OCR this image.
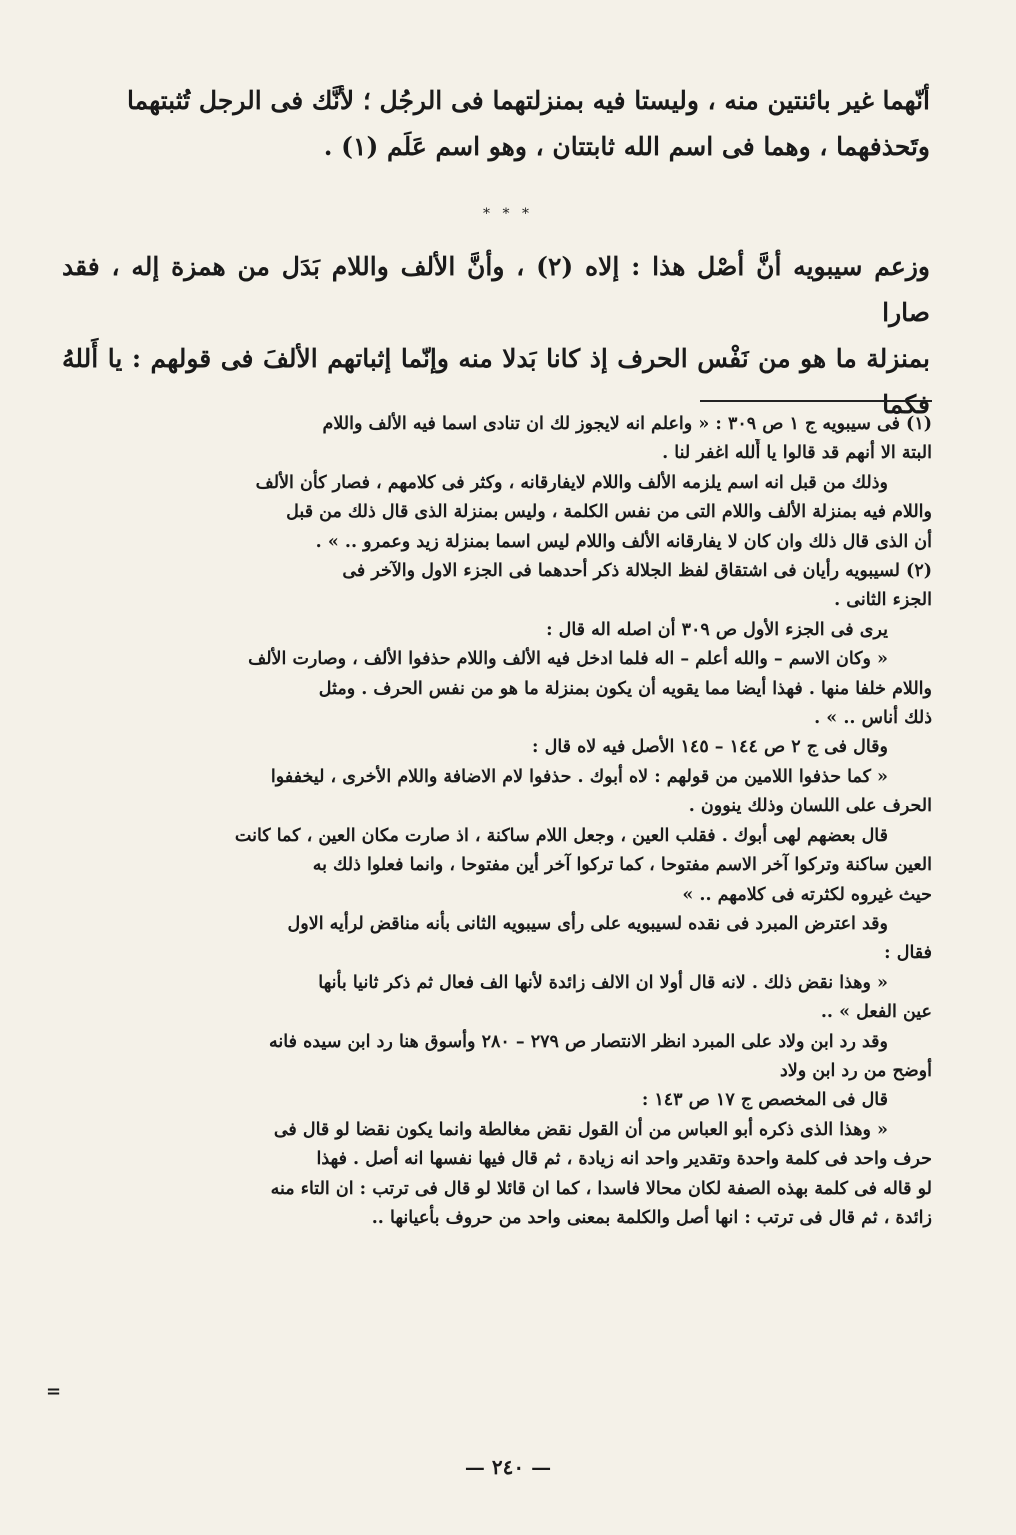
أنّهما غير بائنتين منه ، وليستا فيه بمنزلتهما فى الرجُل ؛ لأنَّك فى الرجل تُثبتهما
وتَحذفهما ، وهما فى اسم الله ثابتتان ، وهو اسم عَلَم (١) .
* * *
وزعم سيبويه أنَّ أصْل هذا : إلاه (٢) ، وأنَّ الألف واللام بَدَل من همزة إله ، فقد صارا
بمنزلة ما هو من نَفْس الحرف إذ كانا بَدلا منه وإنّما إثباتهم الألفَ فى قولهم : يا أَللهُ فكما
(١) فى سيبويه ج ١ ص ٣٠٩ : « واعلم انه لايجوز لك ان تنادى اسما فيه الألف واللام
البتة الا أنهم قد قالوا يا أَلله اغفر لنا .
وذلك من قبل انه اسم يلزمه الألف واللام لايفارقانه ، وكثر فى كلامهم ، فصار كأن الألف
واللام فيه بمنزلة الألف واللام التى من نفس الكلمة ، وليس بمنزلة الذى قال ذلك من قبل
أن الذى قال ذلك وان كان لا يفارقانه الألف واللام ليس اسما بمنزلة زيد وعمرو .. » .
(٢) لسيبويه رأيان فى اشتقاق لفظ الجلالة ذكر أحدهما فى الجزء الاول والآخر فى
الجزء الثانى .
يرى فى الجزء الأول ص ٣٠٩ أن اصله اله قال :
« وكان الاسم – والله أعلم – اله فلما ادخل فيه الألف واللام حذفوا الألف ، وصارت الألف
واللام خلفا منها . فهذا أيضا مما يقويه أن يكون بمنزلة ما هو من نفس الحرف . ومثل
ذلك أناس .. » .
وقال فى ج ٢ ص ١٤٤ – ١٤٥ الأصل فيه لاه قال :
« كما حذفوا اللامين من قولهم : لاه أبوك . حذفوا لام الاضافة واللام الأخرى ، ليخففوا
الحرف على اللسان وذلك ينوون .
قال بعضهم لهى أبوك . فقلب العين ، وجعل اللام ساكنة ، اذ صارت مكان العين ، كما كانت
العين ساكنة وتركوا آخر الاسم مفتوحا ، كما تركوا آخر أين مفتوحا ، وانما فعلوا ذلك به
حيث غيروه لكثرته فى كلامهم .. »
وقد اعترض المبرد فى نقده لسيبويه على رأى سيبويه الثانى بأنه مناقض لرأيه الاول
فقال :
« وهذا نقض ذلك . لانه قال أولا ان الالف زائدة لأنها الف فعال ثم ذكر ثانيا بأنها
عين الفعل » ..
وقد رد ابن ولاد على المبرد انظر الانتصار ص ٢٧٩ – ٢٨٠ وأسوق هنا رد ابن سيده فانه
أوضح من رد ابن ولاد
قال فى المخصص ج ١٧ ص ١٤٣ :
« وهذا الذى ذكره أبو العباس من أن القول نقض مغالطة وانما يكون نقضا لو قال فى
حرف واحد فى كلمة واحدة وتقدير واحد انه زيادة ، ثم قال فيها نفسها انه أصل . فهذا
لو قاله فى كلمة بهذه الصفة لكان محالا فاسدا ، كما ان قائلا لو قال فى ترتب : ان التاء منه
زائدة ، ثم قال فى ترتب : انها أصل والكلمة بمعنى واحد من حروف بأعيانها ..
=
— ٢٤٠ —
